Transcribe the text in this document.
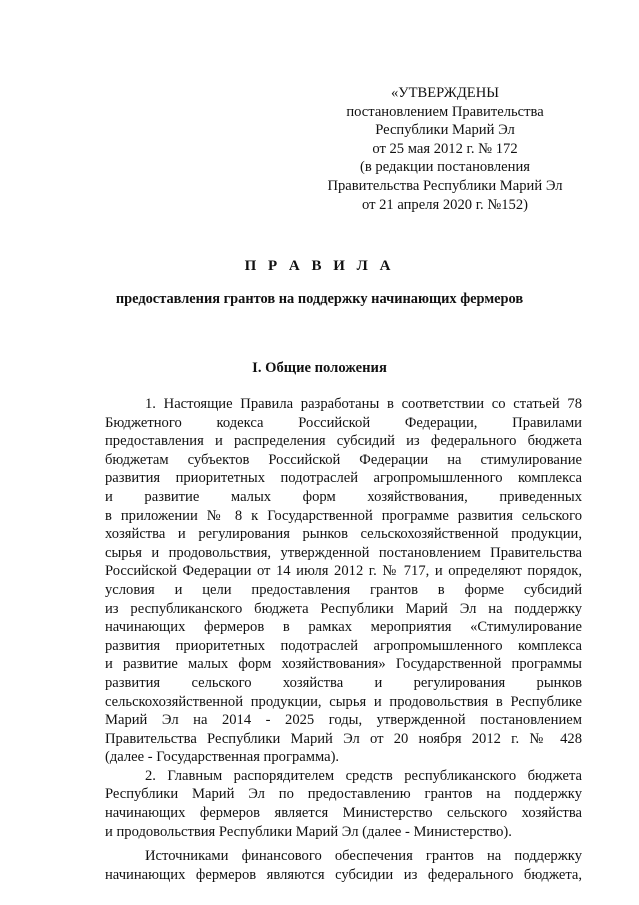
«УТВЕРЖДЕНЫ
постановлением Правительства
Республики Марий Эл
от 25 мая 2012 г. № 172
(в редакции постановления
Правительства Республики Марий Эл
от 21 апреля 2020 г. №152)
П Р А В И Л А
предоставления грантов на поддержку начинающих фермеров
I. Общие положения
1. Настоящие Правила разработаны в соответствии со статьей 78
Бюджетного кодекса Российской Федерации, Правилами
предоставления и распределения субсидий из федерального бюджета
бюджетам субъектов Российской Федерации на стимулирование
развития приоритетных подотраслей агропромышленного комплекса
и развитие малых форм хозяйствования, приведенных
в приложении № 8 к Государственной программе развития сельского
хозяйства и регулирования рынков сельскохозяйственной продукции,
сырья и продовольствия, утвержденной постановлением Правительства
Российской Федерации от 14 июля 2012 г. № 717, и определяют порядок,
условия и цели предоставления грантов в форме субсидий
из республиканского бюджета Республики Марий Эл на поддержку
начинающих фермеров в рамках мероприятия «Стимулирование
развития приоритетных подотраслей агропромышленного комплекса
и развитие малых форм хозяйствования» Государственной программы
развития сельского хозяйства и регулирования рынков
сельскохозяйственной продукции, сырья и продовольствия в Республике
Марий Эл на 2014 - 2025 годы, утвержденной постановлением
Правительства Республики Марий Эл от 20 ноября 2012 г. № 428
(далее - Государственная программа).
2. Главным распорядителем средств республиканского бюджета
Республики Марий Эл по предоставлению грантов на поддержку
начинающих фермеров является Министерство сельского хозяйства
и продовольствия Республики Марий Эл (далее - Министерство).
Источниками финансового обеспечения грантов на поддержку
начинающих фермеров являются субсидии из федерального бюджета,
